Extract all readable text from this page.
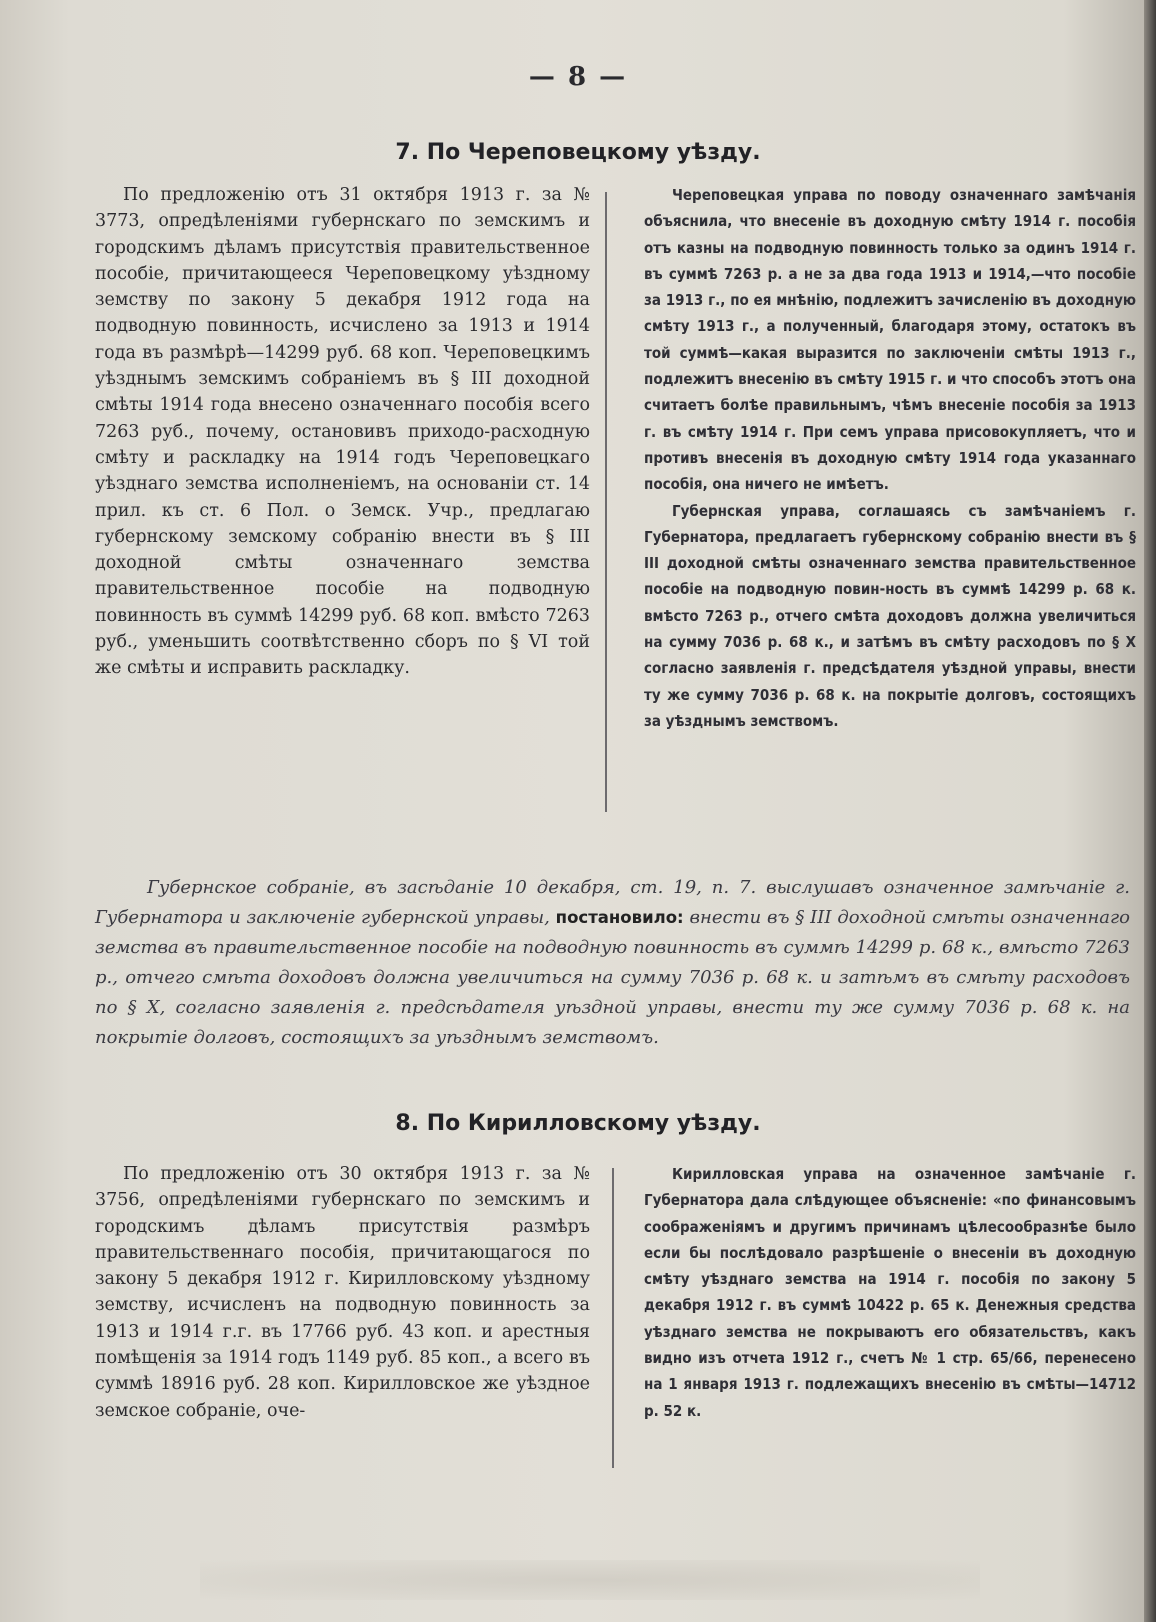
— 8 —
7. По Череповецкому уѣзду.

По предложенію отъ 31 октября 1913 г. за № 3773, опредѣленіями губернскаго по земскимъ и городскимъ дѣламъ присутствія правительственное пособіе, причитающееся Череповецкому уѣздному земству по закону 5 декабря 1912 года на подводную повинность, исчислено за 1913 и 1914 года въ размѣрѣ—14299 руб. 68 коп. Череповецкимъ уѣзднымъ земскимъ собраніемъ въ § III доходной смѣты 1914 года внесено означеннаго пособія всего 7263 руб., почему, остановивъ приходо-расходную смѣту и раскладку на 1914 годъ Череповецкаго уѣзднаго земства исполненіемъ, на основаніи ст. 14 прил. къ ст. 6 Пол. о Земск. Учр., предлагаю губернскому земскому собранію внести въ § III доходной смѣты означеннаго земства правительственное пособіе на подводную повинность въ суммѣ 14299 руб. 68 коп. вмѣсто 7263 руб., уменьшить соотвѣтственно сборъ по § VI той же смѣты и исправить раскладку.

Череповецкая управа по поводу означеннаго замѣчанія объяснила, что внесеніе въ доходную смѣту 1914 г. пособія отъ казны на подводную повинность только за одинъ 1914 г. въ суммѣ 7263 р. а не за два года 1913 и 1914,—что пособіе за 1913 г., по ея мнѣнію, подлежитъ зачисленію въ доходную смѣту 1913 г., а полученный, благодаря этому, остатокъ въ той суммѣ—какая выразится по заключеніи смѣты 1913 г., подлежитъ внесенію въ смѣту 1915 г. и что способъ этотъ она считаетъ болѣе правильнымъ, чѣмъ внесеніе пособія за 1913 г. въ смѣту 1914 г. При семъ управа присовокупляетъ, что и противъ внесенія въ доходную смѣту 1914 года указаннаго пособія, она ничего не имѣетъ.

Губернская управа, соглашаясь съ замѣчаніемъ г. Губернатора, предлагаетъ губернскому собранію внести въ § III доходной смѣты означеннаго земства правительственное пособіе на подводную повин-ность въ суммѣ 14299 р. 68 к. вмѣсто 7263 р., отчего смѣта доходовъ должна увеличиться на сумму 7036 р. 68 к., и затѣмъ въ смѣту расходовъ по § X согласно заявленія г. предсѣдателя уѣздной управы, внести ту же сумму 7036 р. 68 к. на покрытіе долговъ, состоящихъ за уѣзднымъ земствомъ.

Губернское собраніе, въ засѣданіе 10 декабря, ст. 19, п. 7. выслушавъ означенное замѣчаніе г. Губернатора и заключеніе губернской управы, постановило: внести въ § III доходной смѣты означеннаго земства въ правительственное пособіе на подводную повинность въ суммѣ 14299 р. 68 к., вмѣсто 7263 р., отчего смѣта доходовъ должна увеличиться на сумму 7036 р. 68 к. и затѣмъ въ смѣту расходовъ по § X, согласно заявленія г. предсѣдателя уѣздной управы, внести ту же сумму 7036 р. 68 к. на покрытіе долговъ, состоящихъ за уѣзднымъ земствомъ.
8. По Кирилловскому уѣзду.

По предложенію отъ 30 октября 1913 г. за № 3756, опредѣленіями губернскаго по земскимъ и городскимъ дѣламъ присутствія размѣръ правительственнаго пособія, причитающагося по закону 5 декабря 1912 г. Кирилловскому уѣздному земству, исчисленъ на подводную повинность за 1913 и 1914 г.г. въ 17766 руб. 43 коп. и арестныя помѣщенія за 1914 годъ 1149 руб. 85 коп., а всего въ суммѣ 18916 руб. 28 коп. Кирилловское же уѣздное земское собраніе, оче-

Кирилловская управа на означенное замѣчаніе г. Губернатора дала слѣдующее объясненіе: «по финансовымъ соображеніямъ и другимъ причинамъ цѣлесообразнѣе было если бы послѣдовало разрѣшеніе о внесеніи въ доходную смѣту уѣзднаго земства на 1914 г. пособія по закону 5 декабря 1912 г. въ суммѣ 10422 р. 65 к. Денежныя средства уѣзднаго земства не покрываютъ его обязательствъ, какъ видно изъ отчета 1912 г., счетъ № 1 стр. 65/66, перенесено на 1 января 1913 г. подлежащихъ внесенію въ смѣты—14712 р. 52 к.
